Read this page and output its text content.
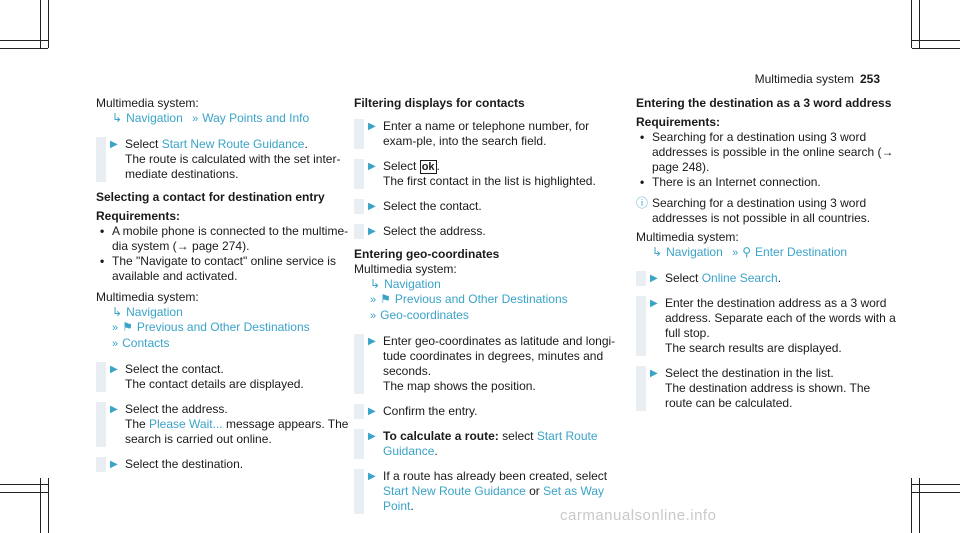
Multimedia system 253

Multimedia system:

↳ Navigation » Way Points and Info
▶ Select Start New Route Guidance.
The route is calculated with the set inter-mediate destinations.

Selecting a contact for destination entry

Requirements:

• A mobile phone is connected to the multime-dia system (→ page 274).
• The "Navigate to contact" online service is available and activated.

Multimedia system:

↳ Navigation
» ⚑ Previous and Other Destinations
» Contacts
▶ Select the contact.
The contact details are displayed.
▶ Select the address.
The Please Wait... message appears. The search is carried out online.
▶ Select the destination.

Filtering displays for contacts

▶ Enter a name or telephone number, for exam-ple, into the search field.
▶ Select ok .
The first contact in the list is highlighted.
▶ Select the contact.
▶ Select the address.

Entering geo-coordinates

Multimedia system:

↳ Navigation
» ⚑ Previous and Other Destinations
» Geo-coordinates
▶ Enter geo-coordinates as latitude and longi-tude coordinates in degrees, minutes and seconds.
The map shows the position.
▶ Confirm the entry.
▶ To calculate a route: select Start Route Guidance.
▶ If a route has already been created, select Start New Route Guidance or Set as Way Point.

Entering the destination as a 3 word address

Requirements:

• Searching for a destination using 3 word addresses is possible in the online search (→ page 248).
• There is an Internet connection.
ⓘ Searching for a destination using 3 word addresses is not possible in all countries.

Multimedia system:

↳ Navigation » ⚲ Enter Destination
▶ Select Online Search.
▶ Enter the destination address as a 3 word address. Separate each of the words with a full stop.
The search results are displayed.
▶ Select the destination in the list.
The destination address is shown. The route can be calculated.
carmanualsonline.info
